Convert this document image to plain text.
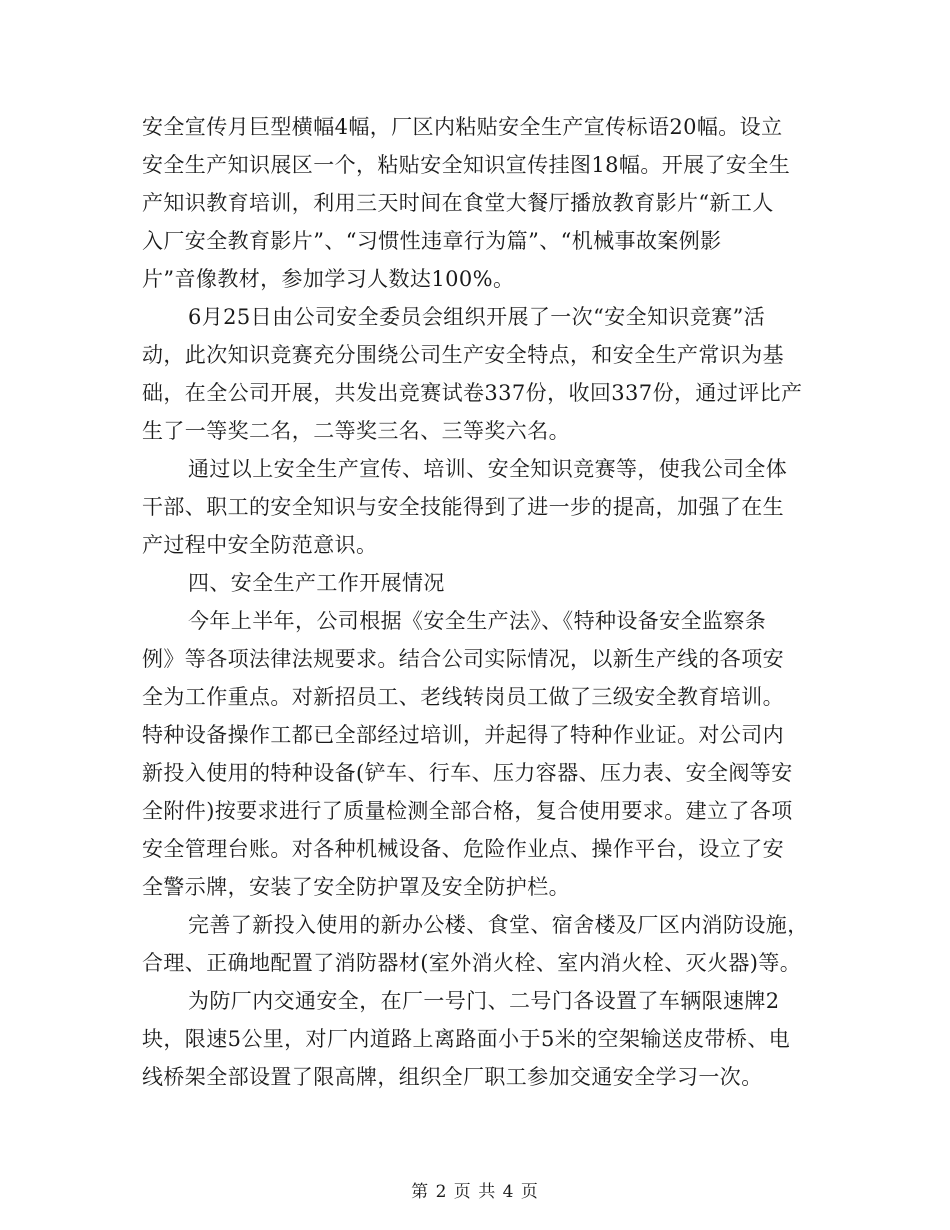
安全宣传月巨型横幅4幅，厂区内粘贴安全生产宣传标语20幅。设立
安全生产知识展区一个，粘贴安全知识宣传挂图18幅。开展了安全生
产知识教育培训，利用三天时间在食堂大餐厅播放教育影片“新工人
入厂安全教育影片”、“习惯性违章行为篇”、“机械事故案例影
片”音像教材，参加学习人数达100%。

6月25日由公司安全委员会组织开展了一次“安全知识竞赛”活
动，此次知识竞赛充分围绕公司生产安全特点，和安全生产常识为基
础，在全公司开展，共发出竞赛试卷337份，收回337份，通过评比产
生了一等奖二名，二等奖三名、三等奖六名。

通过以上安全生产宣传、培训、安全知识竞赛等，使我公司全体
干部、职工的安全知识与安全技能得到了进一步的提高，加强了在生
产过程中安全防范意识。

四、安全生产工作开展情况

今年上半年，公司根据《安全生产法》、《特种设备安全监察条
例》等各项法律法规要求。结合公司实际情况，以新生产线的各项安
全为工作重点。对新招员工、老线转岗员工做了三级安全教育培训。
特种设备操作工都已全部经过培训，并起得了特种作业证。对公司内
新投入使用的特种设备(铲车、行车、压力容器、压力表、安全阀等安
全附件)按要求进行了质量检测全部合格，复合使用要求。建立了各项
安全管理台账。对各种机械设备、危险作业点、操作平台，设立了安
全警示牌，安装了安全防护罩及安全防护栏。

完善了新投入使用的新办公楼、食堂、宿舍楼及厂区内消防设施，
合理、正确地配置了消防器材(室外消火栓、室内消火栓、灭火器)等。

为防厂内交通安全，在厂一号门、二号门各设置了车辆限速牌2
块，限速5公里，对厂内道路上离路面小于5米的空架输送皮带桥、电
线桥架全部设置了限高牌，组织全厂职工参加交通安全学习一次。

第 2 页 共 4 页
